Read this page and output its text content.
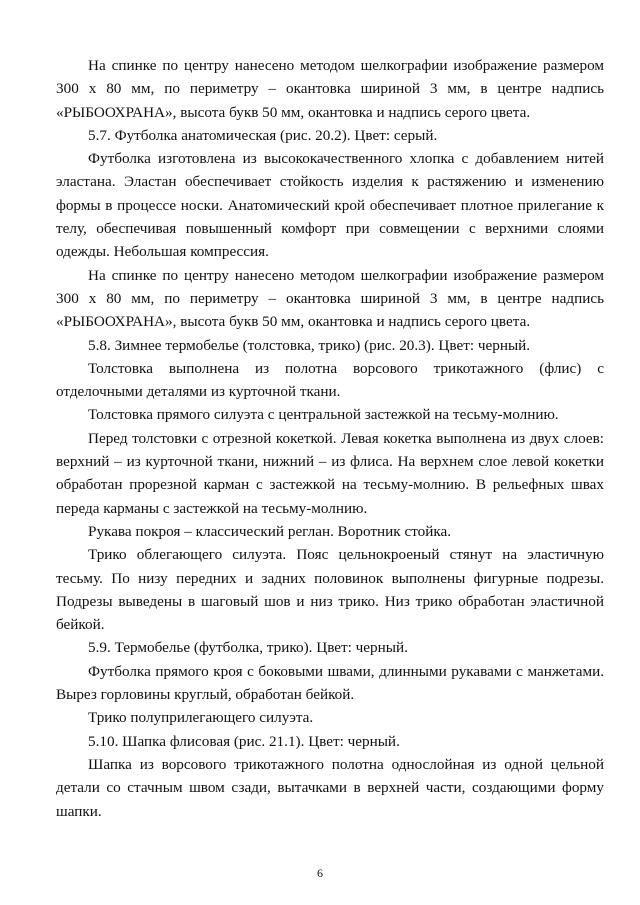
На спинке по центру нанесено методом шелкографии изображение размером 300 х 80 мм, по периметру – окантовка шириной 3 мм, в центре надпись «РЫБООХРАНА», высота букв 50 мм, окантовка и надпись серого цвета.

5.7. Футболка анатомическая (рис. 20.2). Цвет: серый.

Футболка изготовлена из высококачественного хлопка с добавлением нитей эластана. Эластан обеспечивает стойкость изделия к растяжению и изменению формы в процессе носки. Анатомический крой обеспечивает плотное прилегание к телу, обеспечивая повышенный комфорт при совмещении с верхними слоями одежды. Небольшая компрессия.

На спинке по центру нанесено методом шелкографии изображение размером 300 х 80 мм, по периметру – окантовка шириной 3 мм, в центре надпись «РЫБООХРАНА», высота букв 50 мм, окантовка и надпись серого цвета.

5.8. Зимнее термобелье (толстовка, трико) (рис. 20.3). Цвет: черный.

Толстовка выполнена из полотна ворсового трикотажного (флис) с отделочными деталями из курточной ткани.

Толстовка прямого силуэта с центральной застежкой на тесьму-молнию.

Перед толстовки с отрезной кокеткой. Левая кокетка выполнена из двух слоев: верхний – из курточной ткани, нижний – из флиса. На верхнем слое левой кокетки обработан прорезной карман с застежкой на тесьму-молнию. В рельефных швах переда карманы с застежкой на тесьму-молнию.

Рукава покроя – классический реглан. Воротник стойка.

Трико облегающего силуэта. Пояс цельнокроеный стянут на эластичную тесьму. По низу передних и задних половинок выполнены фигурные подрезы. Подрезы выведены в шаговый шов и низ трико. Низ трико обработан эластичной бейкой.

5.9. Термобелье (футболка, трико). Цвет: черный.

Футболка прямого кроя с боковыми швами, длинными рукавами с манжетами. Вырез горловины круглый, обработан бейкой.

Трико полуприлегающего силуэта.

5.10. Шапка флисовая (рис. 21.1). Цвет: черный.

Шапка из ворсового трикотажного полотна однослойная из одной цельной детали со стачным швом сзади, вытачками в верхней части, создающими форму шапки.

6
